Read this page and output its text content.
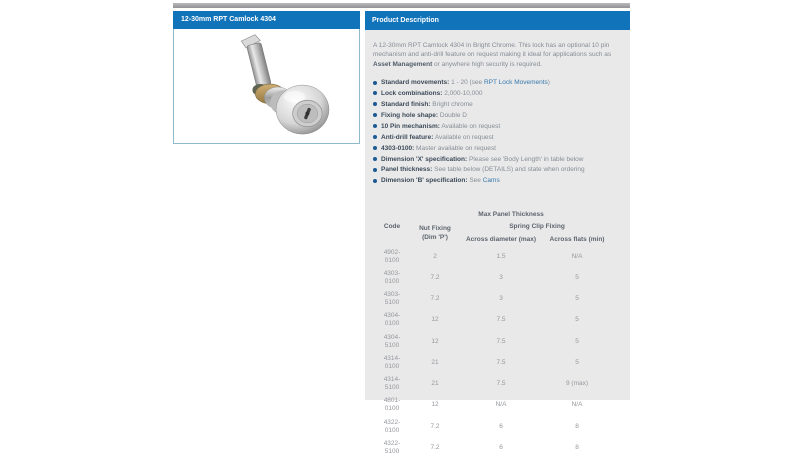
12-30mm RPT Camlock 4304	Product Description

A 12-30mm RPT Camlock 4304 in Bright Chrome. This lock has an optional 10 pin mechanism and anti-drill feature on request making it ideal for applications such as Asset Management or anywhere high security is required.

Standard movements: 1 - 20 (see RPT Lock Movements)
Lock combinations: 2,000-10,000
Standard finish: Bright chrome
Fixing hole shape: Double D
10 Pin mechanism: Available on request
Anti-drill feature: Available on request
4303-0100: Master available on request
Dimension 'X' specification: Please see 'Body Length' in table below
Panel thickness: See table below (DETAILS) and state when ordering
Dimension 'B' specification: See Cams
Code	Max Panel Thickness		
	Nut Fixing (Dim 'P')	Spring Clip Fixing	
		Across diameter (max)	Across flats (min)
4902-0100	2	1.5	N/A
4303-0100	7.2	3	5
4303-5100	7.2	3	5
4304-0100	12	7.5	5
4304-5100	12	7.5	5
4314-0100	21	7.5	5
4314-5100	21	7.5	9 (max)
4801-0100	12	N/A	N/A
4322-0100	7.2	6	8
4322-5100	7.2	6	8
